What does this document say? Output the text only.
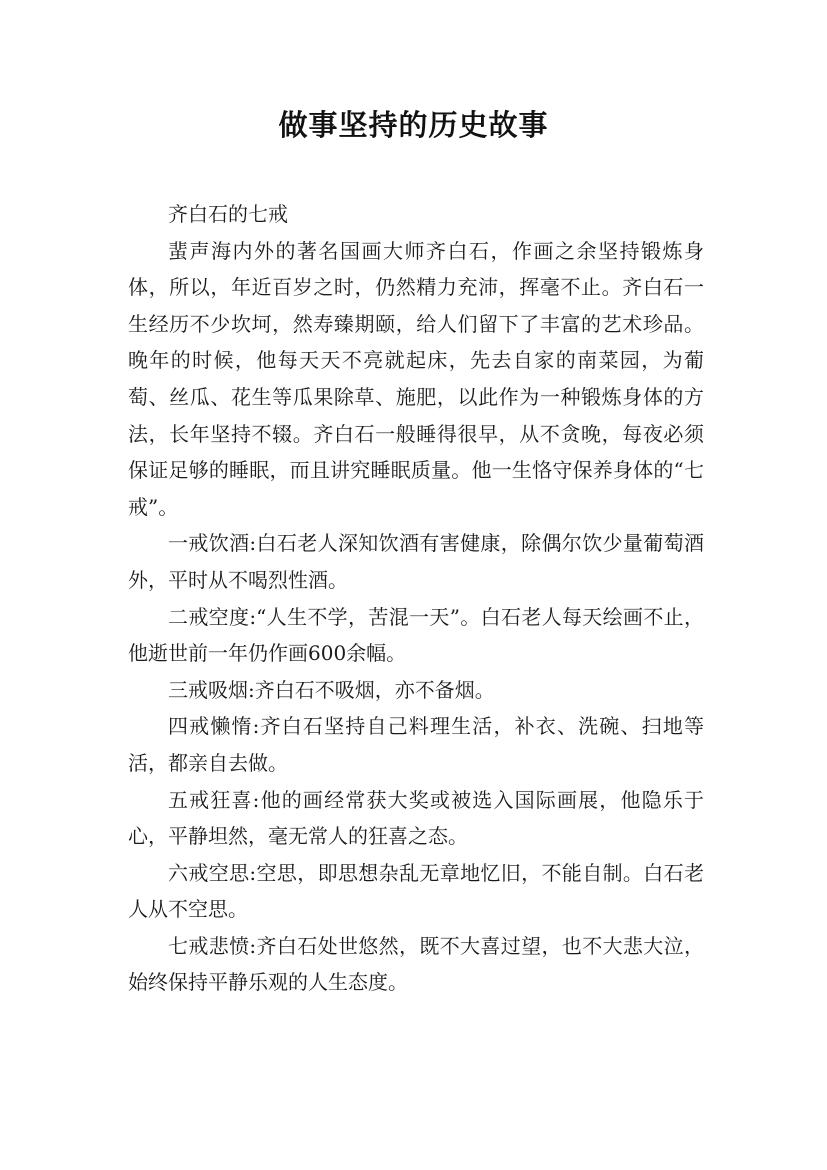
做事坚持的历史故事

齐白石的七戒

蜚声海内外的著名国画大师齐白石，作画之余坚持锻炼身体，所以，年近百岁之时，仍然精力充沛，挥毫不止。齐白石一生经历不少坎坷，然寿臻期颐，给人们留下了丰富的艺术珍品。晚年的时候，他每天天不亮就起床，先去自家的南菜园，为葡萄、丝瓜、花生等瓜果除草、施肥，以此作为一种锻炼身体的方法，长年坚持不辍。齐白石一般睡得很早，从不贪晚，每夜必须保证足够的睡眠，而且讲究睡眠质量。他一生恪守保养身体的“七戒”。

一戒饮酒:白石老人深知饮酒有害健康，除偶尔饮少量葡萄酒外，平时从不喝烈性酒。

二戒空度:“人生不学，苦混一天”。白石老人每天绘画不止，他逝世前一年仍作画600余幅。

三戒吸烟:齐白石不吸烟，亦不备烟。

四戒懒惰:齐白石坚持自己料理生活，补衣、洗碗、扫地等活，都亲自去做。

五戒狂喜:他的画经常获大奖或被选入国际画展，他隐乐于心，平静坦然，毫无常人的狂喜之态。

六戒空思:空思，即思想杂乱无章地忆旧，不能自制。白石老人从不空思。

七戒悲愤:齐白石处世悠然，既不大喜过望，也不大悲大泣，始终保持平静乐观的人生态度。
